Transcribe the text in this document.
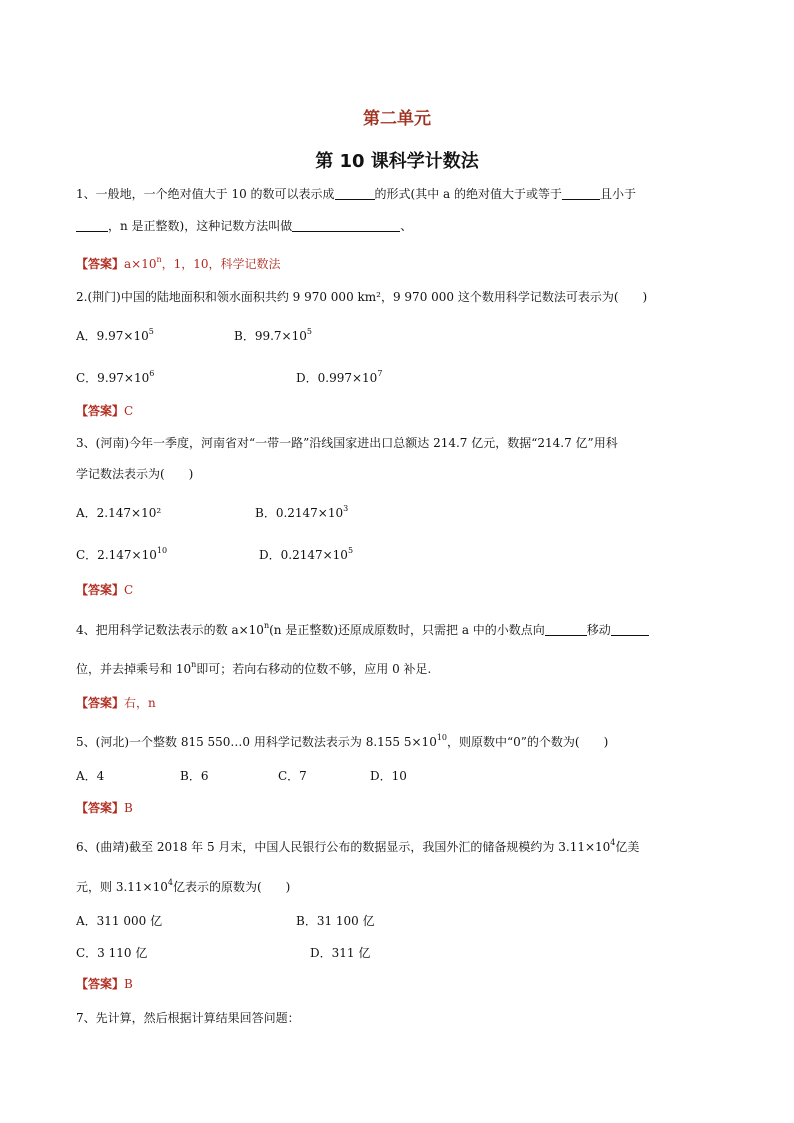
第二单元
第 10 课科学计数法
1、一般地，一个绝对值大于 10 的数可以表示成	的形式(其中 a 的绝对值大于或等于	且小于
，n 是正整数)，这种记数方法叫做	、
【答案】$a\times 10^n$，1，10，科学记数法
2.(荆门)中国的陆地面积和领水面积共约 9 970 000 km²，9 970 000 这个数用科学记数法可表示为(　　)
A．$9.97\times 10^5$	B．$99.7\times 10^5$
C．$9.97\times 10^6$	D．$0.997\times 10^7$
【答案】C
3、(河南)今年一季度，河南省对“一带一路”沿线国家进出口总额达 214.7 亿元，数据“214.7 亿”用科
学记数法表示为(　　)
A．2.147×10²	B．$0.2147\times 10^3$
C．$2.147\times 10^{10}$	D．$0.2147\times 10^5$
【答案】C
4、把用科学记数法表示的数 $a\times 10^n(n$ 是正整数)还原成原数时，只需把 a 中的小数点向	移动
位，并去掉乘号和 10$^n$即可；若向右移动的位数不够，应用 0 补足.
【答案】右，n
5、(河北)一个整数 815 550…0 用科学记数法表示为 8.155 $5\times 10^{10}$，则原数中“0”的个数为(　　)
A．4	B．6	C．7	D．10
【答案】B
6、(曲靖)截至 2018 年 5 月末，中国人民银行公布的数据显示，我国外汇的储备规模约为 $3.11\times 10^4$亿美
元，则 $3.11\times 10^4$亿表示的原数为(　　)
A．311 000 亿	B．31 100 亿
C．3 110 亿	D．311 亿
【答案】B
7、先计算，然后根据计算结果回答问题：
